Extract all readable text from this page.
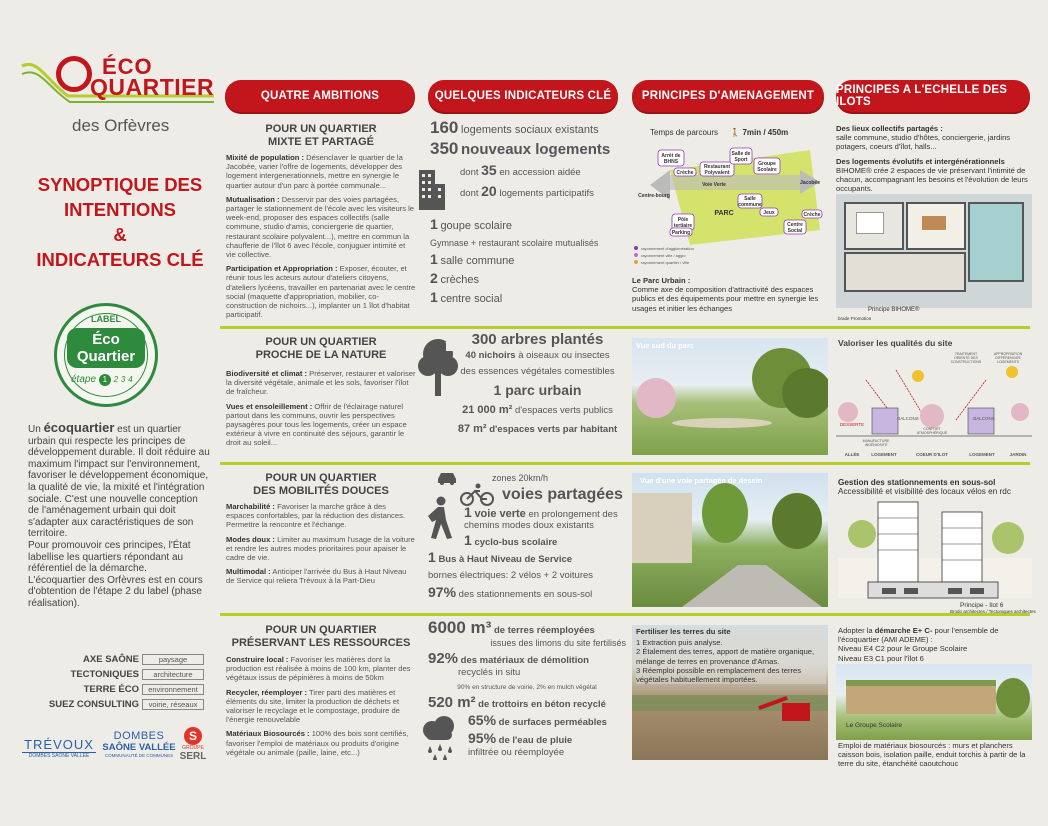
ÉCO
QUARTIER
des Orfèvres
SYNOPTIQUE DES
INTENTIONS
&
INDICATEURS CLÉ
LABEL
Éco
Quartier
étape 1 2 3 4
Un écoquartier est un quartier urbain qui respecte les principes de développement durable. Il doit réduire au maximum l'impact sur l'environnement, favoriser le développement économique, la qualité de vie, la mixité et l'intégration sociale. C'est une nouvelle conception de l'aménagement urbain qui doit s'adapter aux caractéristiques de son territoire.
Pour promouvoir ces principes, l'État labellise les quartiers répondant au référentiel de la démarche.
L'écoquartier des Orfèvres est en cours d'obtention de l'étape 2 du label (phase réalisation).
AXE SAÔNE	paysage
TECTONIQUES	architecture
TERRE ÉCO	environnement
SUEZ CONSULTING	voirie, réseaux
TRÉVOUX
DOMBES SAÔNE VALLÉE
DOMBES
SAÔNE VALLÉE
COMMUNAUTÉ DE COMMUNES
S
GROUPE
SERL
QUATRE AMBITIONS	QUELQUES INDICATEURS CLÉ	PRINCIPES D'AMENAGEMENT	PRINCIPES A L'ECHELLE DES ILOTS
POUR UN QUARTIER
MIXTE ET PARTAGÉ
Mixité de population : Désenclaver le quartier de la Jacobée, varier l'offre de logements, développer des logement intergenerationnels, mettre en synergie le quartier autour d'un parc à portée communale...
Mutualisation : Desservir par des voies partagées, partager le stationnement de l'école avec les visiteurs le week-end, proposer des espaces collectifs (salle commune, studio d'amis, conciergerie de quartier, restaurant scolaire polyvalent...), mettre en commun la chaufferie de l'îlot 6 avec l'école, conjuguer intimité et vie collective.
Participation et Appropriation : Exposer, écouter, et réunir tous les acteurs autour d'ateliers citoyens, d'ateliers lycéens, travailler en partenariat avec le centre social (maquette d'appropriation, mobilier, co-construction de nichoirs...), implanter un 1 îlot d'habitat participatif.
160 logements sociaux existants
350 nouveaux logements
dont 35 en accession aidée
dont 20 logements participatifs
1 goupe scolaire
Gymnase + restaurant scolaire mutualisés
1 salle commune
2 crèches
1 centre social
Temps de parcours 🚶 7min / 450m
Arrêt de
BHNS
Crèche
Restaurant
Polyvalent
Salle de
Sport
Groupe
Scolaire
Centre-bourg
Voie Verte	Jacobée
PARC
Salle
commune
Jeux	Crèche
Centre
Social
Pôle
tertiaire
Parking
rayonnement d'agglomération
rayonnement ville / agglo
rayonnement quartier / ville
Le Parc Urbain :
Comme axe de composition d'attractivité des espaces publics et des équipements pour mettre en synergie les usages et initier les échanges
Des lieux collectifs partagés :
salle commune, studio d'hôtes, conciergerie, jardins potagers, coeurs d'îlot, halls...
Des logements évolutifs et intergénérationnels
BIHOME® crée 2 espaces de vie préservant l'intimité de chacun, accompagnant les besoins et l'évolution de leurs occupants.
Principe BIHOME®
brade Promotion
POUR UN QUARTIER
PROCHE DE LA NATURE
Biodiversité et climat : Préserver, restaurer et valoriser la diversité végétale, animale et les sols, favoriser l'îlot de fraîcheur.
Vues et ensoleillement : Offrir de l'éclairage naturel partout dans les communs, ouvrir les perspectives paysagères pour tous les logements, créer un espace extérieur à vivre en continuité des séjours, garantir le droit au soleil...
300 arbres plantés
40 nichoirs à oiseaux ou insectes
des essences végétales comestibles
1 parc urbain
21 000 m² d'espaces verts publics
87 m² d'espaces verts par habitant
Vue sud du parc	Valoriser les qualités du site
TRAITEMENT
ORIENTÉ DES
CONSTRUCTIONS
APPROPRIATION
DIFFÉRENCIÉE
LOGEMENTS
DESSERTE
BALCONS	BALCONS
MANUFACTURE
INGÉNIOSITÉ
CONFORT
ATMOSPHÉRIQUE
ALLÉE	LOGEMENT	COEUR D'ILOT	LOGEMENT	JARDIN
POUR UN QUARTIER
DES MOBILITÉS DOUCES
Marchabilité : Favoriser la marche grâce à des espaces confortables, par la réduction des distances. Permettre la rencontre et l'échange.
Modes doux : Limiter au maximum l'usage de la voiture et rendre les autres modes prioritaires pour apaiser le cadre de vie.
Multimodal : Anticiper l'arrivée du Bus à Haut Niveau de Service qui reliera Trévoux à la Part-Dieu
zones 20km/h
voies partagées
1 voie verte en prolongement des chemins modes doux existants
1 cyclo-bus scolaire
1 Bus à Haut Niveau de Service
bornes électriques: 2 vélos + 2 voitures
97% des stationnements en sous-sol
Vue d'une voie partagée de dessin	Gestion des stationnements en sous-sol
Accessibilité et visibilité des locaux vélos en rdc
Principe - Ilot 6
Brodo architectes / Tectoniques architectes
POUR UN QUARTIER
PRÉSERVANT LES RESSOURCES
Construire local : Favoriser les matières dont la production est réalisée à moins de 100 km, planter des végétaux issus de pépinières à moins de 50km
Recycler, réemployer : Tirer parti des matières et éléments du site, limiter la production de déchets et valoriser le recyclage et le compostage, produire de l'énergie renouvelable
Matériaux Biosourcés : 100% des bois sont certifiés, favoriser l'emploi de matériaux ou produits d'origine végétale ou animale (paille, laine, etc...)
6000 m³ de terres réemployées
issues des limons du site fertilisés
92% des matériaux de démolition
recyclés in situ
90% en structure de voirie, 2% en mulch végétal
520 m² de trottoirs en béton recyclé
65% de surfaces perméables
95% de l'eau de pluie
infiltrée ou réemployée
Fertiliser les terres du site
1 Extraction puis analyse.
2 Étalement des terres, apport de matière organique, mélange de terres en provenance d'Arnas.
3 Réemploi possible en remplacement des terres végétales habituellement importées.
Adopter la démarche E+ C- pour l'ensemble de l'écoquartier (AMI ADEME) :
Niveau E4 C2 pour le Groupe Scolaire
Niveau E3 C1 pour l'îlot 6
Le Groupe Scolaire
Emploi de matériaux biosourcés : murs et planchers caisson bois, isolation paille, enduit torchis à partir de la terre du site, étanchéité caoutchouc
